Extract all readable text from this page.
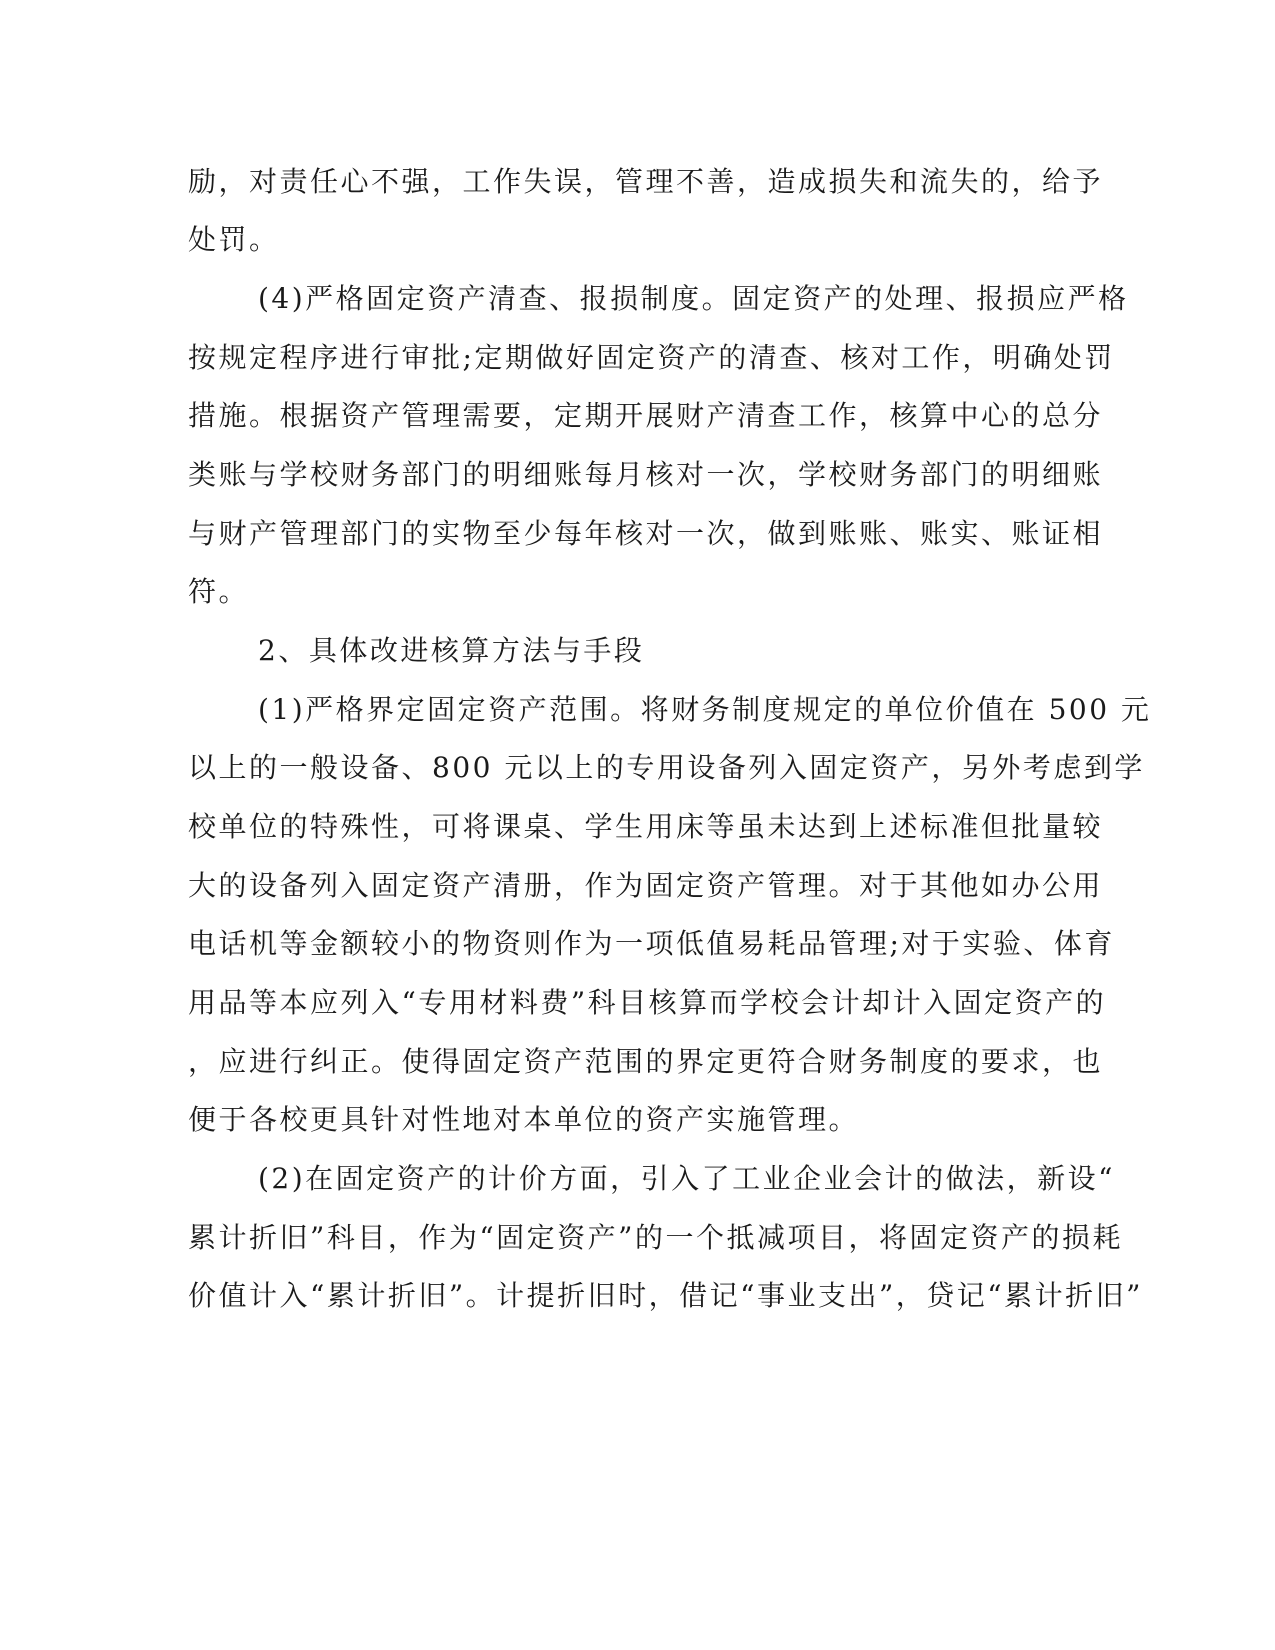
励，对责任心不强，工作失误，管理不善，造成损失和流失的，给予

处罚。

(4)严格固定资产清查、报损制度。固定资产的处理、报损应严格

按规定程序进行审批;定期做好固定资产的清查、核对工作，明确处罚

措施。根据资产管理需要，定期开展财产清查工作，核算中心的总分

类账与学校财务部门的明细账每月核对一次，学校财务部门的明细账

与财产管理部门的实物至少每年核对一次，做到账账、账实、账证相

符。

2、具体改进核算方法与手段

(1)严格界定固定资产范围。将财务制度规定的单位价值在 500 元

以上的一般设备、800 元以上的专用设备列入固定资产，另外考虑到学

校单位的特殊性，可将课桌、学生用床等虽未达到上述标准但批量较

大的设备列入固定资产清册，作为固定资产管理。对于其他如办公用

电话机等金额较小的物资则作为一项低值易耗品管理;对于实验、体育

用品等本应列入“专用材料费”科目核算而学校会计却计入固定资产的

，应进行纠正。使得固定资产范围的界定更符合财务制度的要求，也

便于各校更具针对性地对本单位的资产实施管理。

(2)在固定资产的计价方面，引入了工业企业会计的做法，新设“

累计折旧”科目，作为“固定资产”的一个抵减项目，将固定资产的损耗

价值计入“累计折旧”。计提折旧时，借记“事业支出”，贷记“累计折旧”
